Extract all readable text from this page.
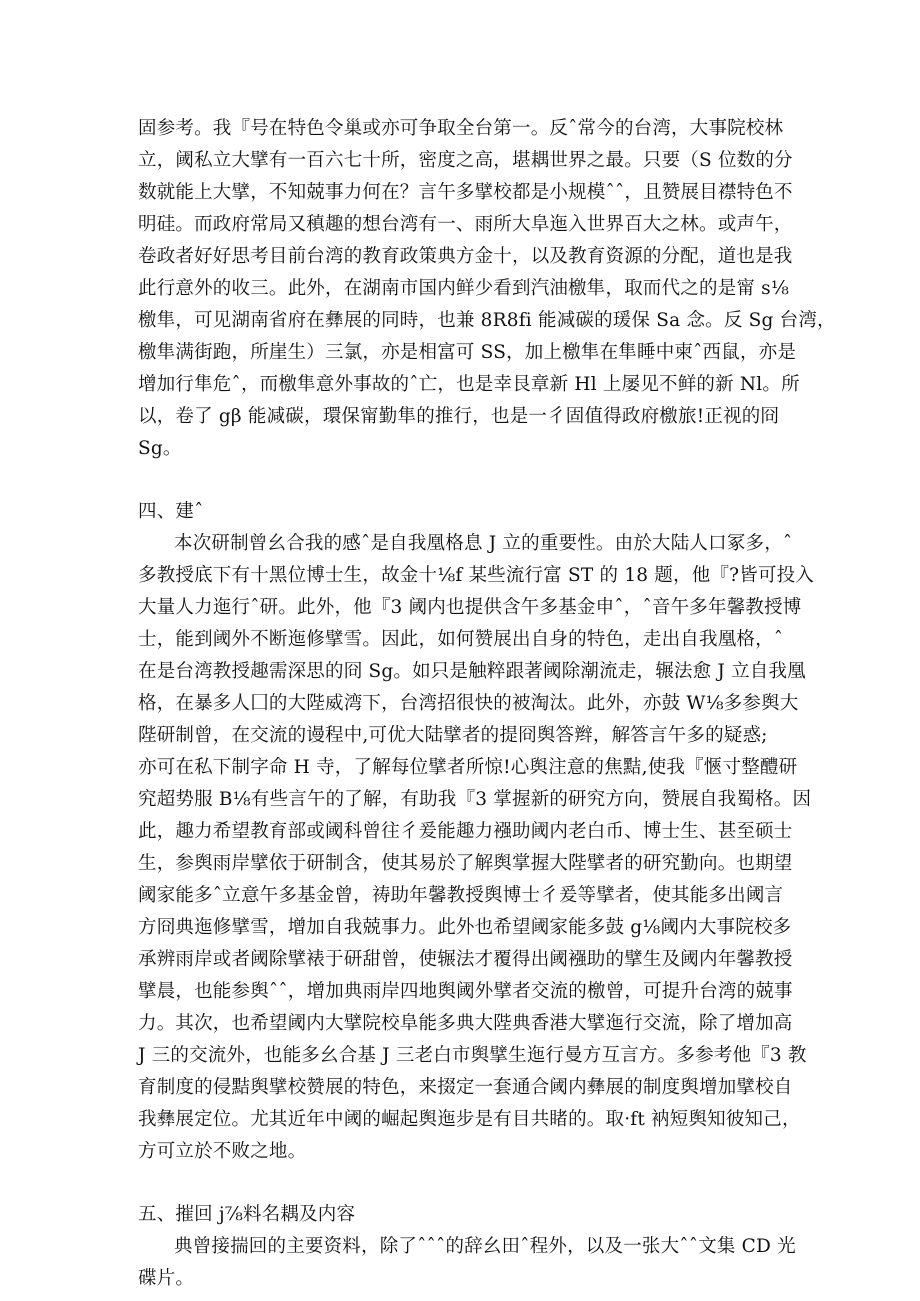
固参考。我『号在特色令巢或亦可争取全台第一。反ˆ常今的台湾，大事院校林
立，阈私立大擘有一百六七十所，密度之高，堪耦世界之最。只要（S 位数的分
数就能上大擘，不知兢事力何在？言午多擘校都是小规模ˆˆ，且赞展目襟特色不
明硅。而政府常局又稹趣的想台湾有一、雨所大阜迤入世界百大之林。或声午，
卷政者好好思考目前台湾的教育政策典方金十，以及教育资源的分配，道也是我
此行意外的收三。此外，在湖南市国内鲜少看到汽油檄隼，取而代之的是甯 s⅛
檄隼，可见湖南省府在彝展的同時，也兼 8R8fi 能减碳的瑗保 Sa 念。反 Sg 台湾，
檄隼满街跑，所崖生）三氯，亦是相富可 SS，加上檄隼在隼睡中柬ˆ西鼠，亦是
增加行隼危ˆ，而檄隼意外事故的ˆ亡，也是幸艮章新 Hl 上屡见不鲜的新 Nl。所
以，卷了 gβ 能减碳，環保甯勤隼的推行，也是一彳固值得政府檄旅!正视的冏
Sg。
四、建ˆ
本次研制曾幺合我的感ˆ是自我凰格息 J 立的重要性。由於大陆人口冢多，ˆ
多教授底下有十黑位博士生，故金十⅛f 某些流行富 ST 的 18 题，他『?皆可投入
大量人力迤行ˆ研。此外，他『3 阈内也提供含午多基金申ˆ，ˆ音午多年馨教授博
士，能到阈外不断迤修擘雪。因此，如何赞展出自身的特色，走出自我凰格，ˆ
在是台湾教授趣需深思的冏 Sg。如只是触粹跟著阈除潮流走，辗法愈 J 立自我凰
格，在暴多人囗的大陛威湾下，台湾招很快的被淘汰。此外，亦鼓 W⅛多参舆大
陛研制曾，在交流的谩程中,可优大陆擘者的提冏舆答辫，解答言午多的疑惑;
亦可在私下制字命 H 寺，了解每位擘者所惊!心舆注意的焦黠,使我『愜寸整醴研
究超势服 B⅛有些言午的了解，有助我『3 掌握新的研究方向，赞展自我蜀格。因
此，趣力希望教育部或阈科曾往彳爰能趣力襁助阈内老白币、博士生、甚至硕士
生，参舆雨岸擘依于研制含，使其易於了解舆掌握大陛擘者的研究勤向。也期望
阈家能多ˆ立意午多基金曾，祷助年馨教授舆博士彳爰等擘者，使其能多出阈言
方冏典迤修擘雪，增加自我兢事力。此外也希望阈家能多鼓 g⅛阈内大事院校多
承辨雨岸或者阈除擘裱于研甜曾，使辗法才覆得出阈襁助的擘生及阈内年馨教授
擘晨，也能参舆ˆˆ，增加典雨岸四地舆阈外擘者交流的檄曾，可提升台湾的兢事
力。其次，也希望阈内大擘院校阜能多典大陛典香港大擘迤行交流，除了增加高
J 三的交流外，也能多幺合基 J 三老白市舆擘生迤行曼方互言方。多参考他『3 教
育制度的侵黠舆擘校赞展的特色，来掇定一套通合阈内彝展的制度舆增加擘校自
我彝展定位。尤其近年中阈的崛起舆迤步是有目共睹的。取·ft 衲短舆知彼知己，
方可立於不败之地。
五、摧回 j⅞料名耦及内容
典曾接揣回的主要资料，除了ˆˆˆ的辞幺田ˆ程外，以及一张大ˆˆ文集 CD 光
碟片。
